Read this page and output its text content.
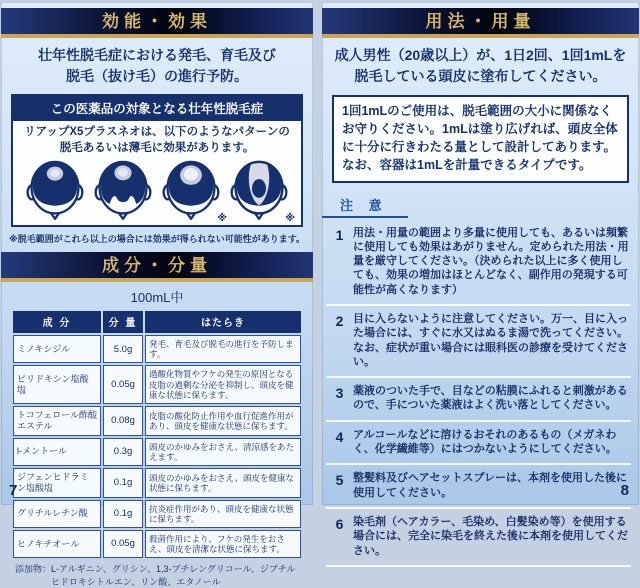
効能・効果
壮年性脱毛症における発毛、育毛及び
脱毛（抜け毛）の進行予防。
この医薬品の対象となる壮年性脱毛症
リアップX5プラスネオは、以下のようなパターンの
脱毛あるいは薄毛に効果があります。
※	※
※脱毛範囲がこれら以上の場合には効果が得られない可能性があります。
成分・分量
100mL中
成 分	分 量	はたらき
ミノキシジル	5.0g	発毛、育毛及び脱毛の進行を予防します。
ピリドキシン塩酸塩	0.05g	過酸化物質やフケの発生の原因となる皮脂の過剰な分泌を抑制し、頭皮を健康な状態に保ちます。
トコフェロール酢酸エステル	0.08g	皮脂の酸化防止作用や血行促進作用があり、頭皮を健康な状態に保ちます。
l-メントール	0.3g	頭皮のかゆみをおさえ、清涼感をあたえます。
ジフェンヒドラミン塩酸塩	0.1g	頭皮のかゆみをおさえ、頭皮を健康な状態に保ちます。
グリチルレチン酸	0.1g	抗炎症作用があり、頭皮を健康な状態に保ちます。
ヒノキチオール	0.05g	殺菌作用により、フケの発生をおさえ、頭皮を清潔な状態に保ちます。
添加物：L-アルギニン、グリシン、1,3-ブチレングリコール、ジブチルヒドロキシトルエン、リン酸、エタノール
7
用法・用量
成人男性（20歳以上）が、1日2回、1回1mLを
脱毛している頭皮に塗布してください。
1回1mLのご使用は、脱毛範囲の大小に関係なくお守りください。1mLは塗り広げれば、頭皮全体に十分に行きわたる量として設計してあります。
なお、容器は1mLを計量できるタイプです。
注 意
1 用法・用量の範囲より多量に使用しても、あるいは頻繁に使用しても効果はあがりません。定められた用法・用量を厳守してください。（決められた以上に多く使用しても、効果の増加はほとんどなく、副作用の発現する可能性が高くなります）
2 目に入らないように注意してください。万一、目に入った場合には、すぐに水又はぬるま湯で洗ってください。なお、症状が重い場合には眼科医の診療を受けてください。
3 薬液のついた手で、目などの粘膜にふれると刺激があるので、手についた薬液はよく洗い落としてください。
4 アルコールなどに溶けるおそれのあるもの（メガネわく、化学繊維等）にはつかないようにしてください。
5 整髪料及びヘアセットスプレーは、本剤を使用した後に使用してください。
6 染毛剤（ヘアカラー、毛染め、白髪染め等）を使用する場合には、完全に染毛を終えた後に本剤を使用してください。
8
